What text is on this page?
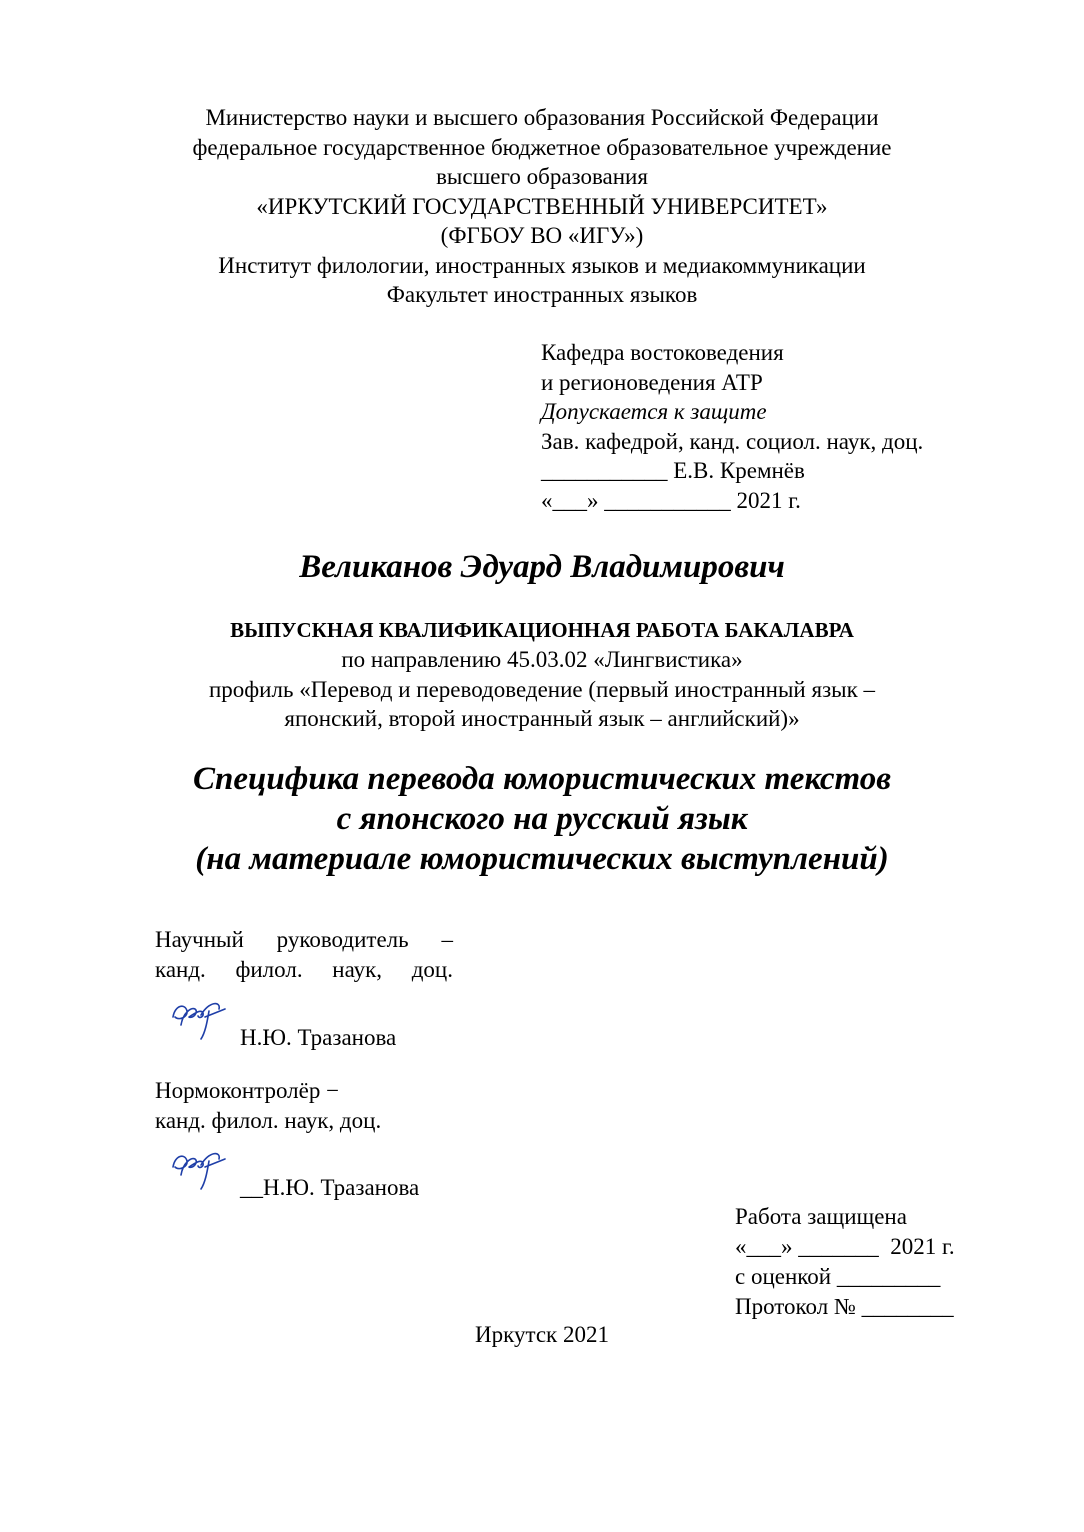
Министерство науки и высшего образования Российской Федерации
федеральное государственное бюджетное образовательное учреждение
высшего образования
«ИРКУТСКИЙ ГОСУДАРСТВЕННЫЙ УНИВЕРСИТЕТ»
(ФГБОУ ВО «ИГУ»)
Институт филологии, иностранных языков и медиакоммуникации
Факультет иностранных языков
Кафедра востоковедения
и регионоведения АТР
Допускается к защите
Зав. кафедрой, канд. социол. наук, доц.
___________ Е.В. Кремнёв
«___» ___________ 2021 г.
Великанов Эдуард Владимирович
ВЫПУСКНАЯ КВАЛИФИКАЦИОННАЯ РАБОТА БАКАЛАВРА
по направлению 45.03.02 «Лингвистика»
профиль «Перевод и переводоведение (первый иностранный язык –
японский, второй иностранный язык – английский)»
Специфика перевода юмористических текстов
с японского на русский язык
(на материале юмористических выступлений)
Научный руководитель –
канд. филол. наук, доц.
Н.Ю. Тразанова
Нормоконтролёр −
канд. филол. наук, доц.
__Н.Ю. Тразанова
Работа защищена
«___» _______  2021 г.
с оценкой _________
Протокол № ________
Иркутск 2021
